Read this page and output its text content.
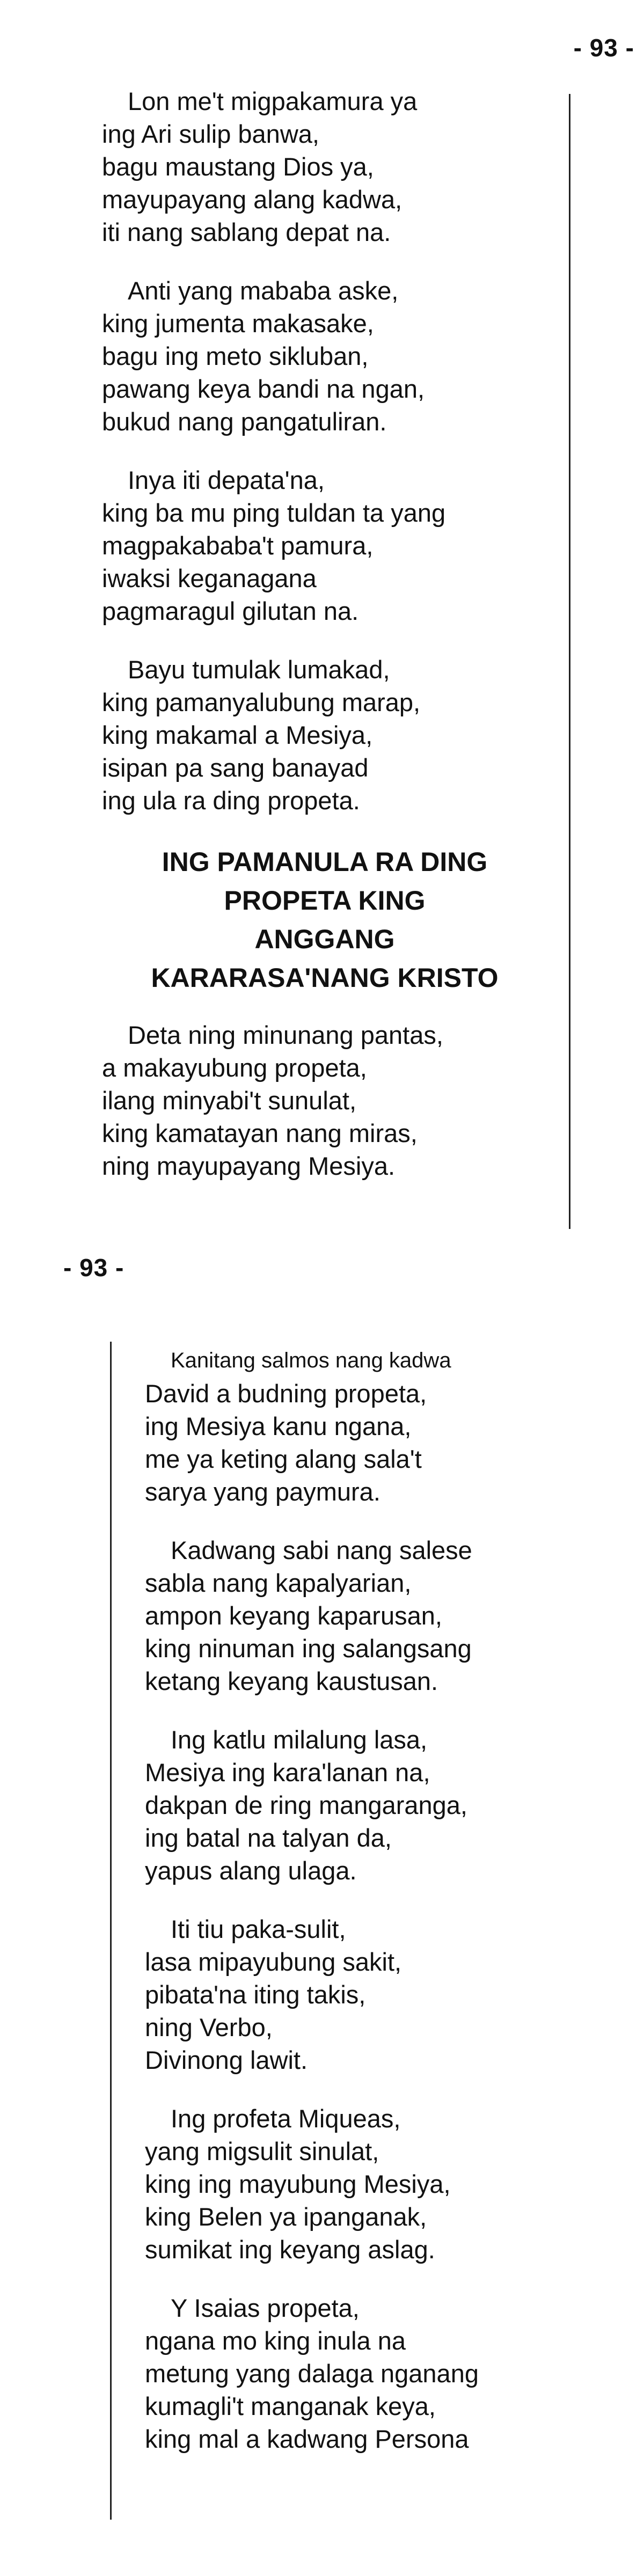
- 93 -
Lon me't migpakamura ya
ing Ari sulip banwa,
bagu maustang Dios ya,
mayupayang alang kadwa,
iti nang sablang depat na.
Anti yang mababa aske,
king jumenta makasake,
bagu ing meto sikluban,
pawang keya bandi na ngan,
bukud nang pangatuliran.
Inya iti depata'na,
king ba mu ping tuldan ta yang
magpakababa't pamura,
iwaksi keganagana
pagmaragul gilutan na.
Bayu tumulak lumakad,
king pamanyalubung marap,
king makamal a Mesiya,
isipan pa sang banayad
ing ula ra ding propeta.
ING PAMANULA RA DING
PROPETA KING
ANGGANG
KARARASA'NANG KRISTO
Deta ning minunang pantas,
a makayubung propeta,
ilang minyabi't sunulat,
king kamatayan nang miras,
ning mayupayang Mesiya.
- 93 -
Kanitang salmos nang kadwa
David a budning propeta,
ing Mesiya kanu ngana,
me ya keting alang sala't
sarya yang paymura.
Kadwang sabi nang salese
sabla nang kapalyarian,
ampon keyang kaparusan,
king ninuman ing salangsang
ketang keyang kaustusan.
Ing katlu milalung lasa,
Mesiya ing kara'lanan na,
dakpan de ring mangaranga,
ing batal na talyan da,
yapus alang ulaga.
Iti tiu paka-sulit,
lasa mipayubung sakit,
pibata'na iting takis,
ning Verbo,
Divinong lawit.
Ing profeta Miqueas,
yang migsulit sinulat,
king ing mayubung Mesiya,
king Belen ya ipanganak,
sumikat ing keyang aslag.
Y Isaias propeta,
ngana mo king inula na
metung yang dalaga nganang
kumagli't manganak keya,
king mal a kadwang Persona
